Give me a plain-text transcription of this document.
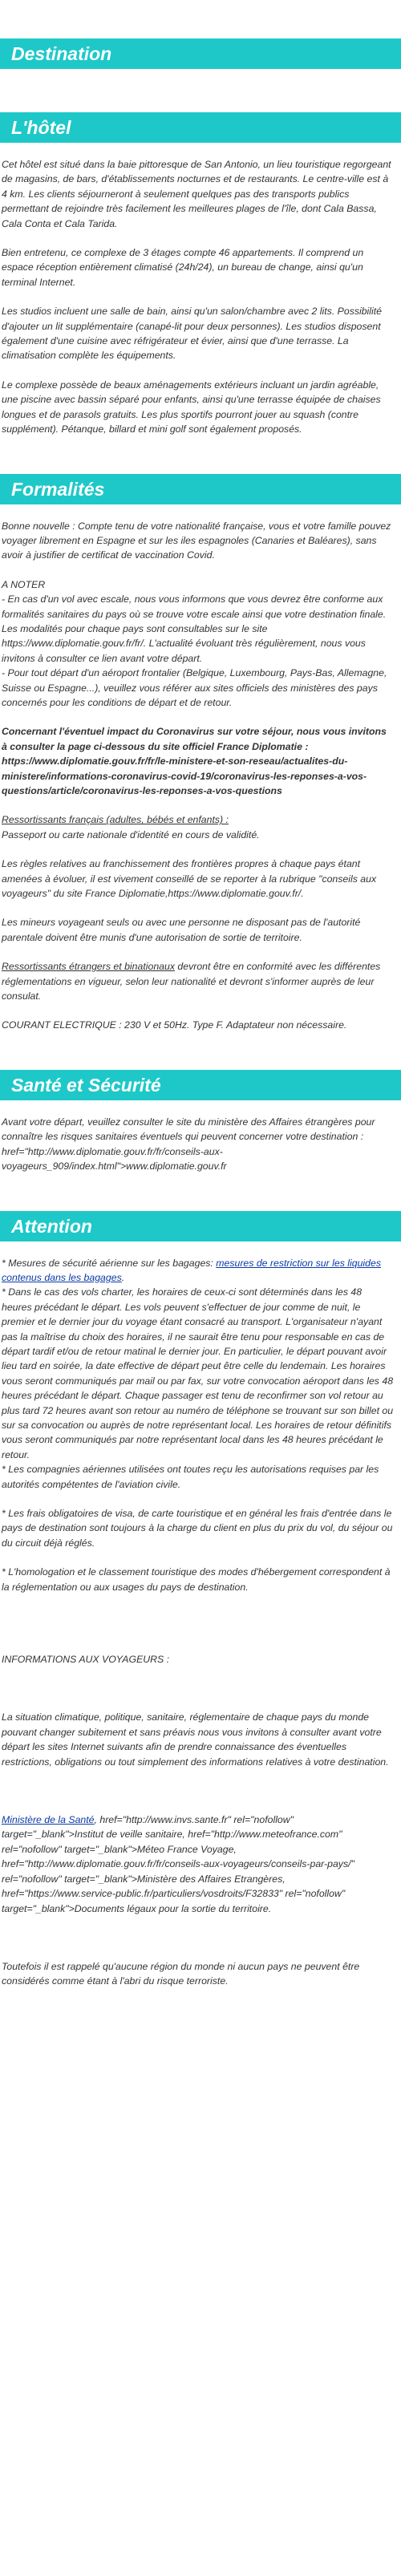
Destination
L'hôtel

Cet hôtel est situé dans la baie pittoresque de San Antonio, un lieu touristique regorgeant de magasins, de bars, d'établissements nocturnes et de restaurants. Le centre-ville est à 4 km. Les clients séjourneront à seulement quelques pas des transports publics permettant de rejoindre très facilement les meilleures plages de l'île, dont Cala Bassa, Cala Conta et Cala Tarida.

Bien entretenu, ce complexe de 3 étages compte 46 appartements. Il comprend un espace réception entièrement climatisé (24h/24), un bureau de change, ainsi qu'un terminal Internet.

Les studios incluent une salle de bain, ainsi qu'un salon/chambre avec 2 lits. Possibilité d'ajouter un lit supplémentaire (canapé-lit pour deux personnes). Les studios disposent également d'une cuisine avec réfrigérateur et évier, ainsi que d'une terrasse. La climatisation complète les équipements.

Le complexe possède de beaux aménagements extérieurs incluant un jardin agréable, une piscine avec bassin séparé pour enfants, ainsi qu'une terrasse équipée de chaises longues et de parasols gratuits. Les plus sportifs pourront jouer au squash (contre supplément). Pétanque, billard et mini golf sont également proposés.

Formalités

Bonne nouvelle : Compte tenu de votre nationalité française, vous et votre famille pouvez voyager librement en Espagne et sur les iles espagnoles (Canaries et Baléares), sans avoir à justifier de certificat de vaccination Covid.

A NOTER
- En cas d'un vol avec escale, nous vous informons que vous devrez être conforme aux formalités sanitaires du pays où se trouve votre escale ainsi que votre destination finale.
Les modalités pour chaque pays sont consultables sur le site https://www.diplomatie.gouv.fr/fr/. L'actualité évoluant très régulièrement, nous vous invitons à consulter ce lien avant votre départ.
- Pour tout départ d'un aéroport frontalier (Belgique, Luxembourg, Pays-Bas, Allemagne, Suisse ou Espagne...), veuillez vous référer aux sites officiels des ministères des pays concernés pour les conditions de départ et de retour.

Concernant l'éventuel impact du Coronavirus sur votre séjour, nous vous invitons à consulter la page ci-dessous du site officiel France Diplomatie : https://www.diplomatie.gouv.fr/fr/le-ministere-et-son-reseau/actualites-du-ministere/informations-coronavirus-covid-19/coronavirus-les-reponses-a-vos-questions/article/coronavirus-les-reponses-a-vos-questions

Ressortissants français (adultes, bébés et enfants) :
Passeport ou carte nationale d'identité en cours de validité.

Les règles relatives au franchissement des frontières propres à chaque pays étant amenées à évoluer, il est vivement conseillé de se reporter à la rubrique "conseils aux voyageurs" du site France Diplomatie,https://www.diplomatie.gouv.fr/.

Les mineurs voyageant seuls ou avec une personne ne disposant pas de l'autorité parentale doivent être munis d'une autorisation de sortie de territoire.

Ressortissants étrangers et binationaux devront être en conformité avec les différentes réglementations en vigueur, selon leur nationalité et devront s'informer auprès de leur consulat.

COURANT ELECTRIQUE : 230 V et 50Hz. Type F. Adaptateur non nécessaire.

Santé et Sécurité

Avant votre départ, veuillez consulter le site du ministère des Affaires étrangères pour connaître les risques sanitaires éventuels qui peuvent concerner votre destination : href="http://www.diplomatie.gouv.fr/fr/conseils-aux-voyageurs_909/index.html">www.diplomatie.gouv.fr

Attention

* Mesures de sécurité aérienne sur les bagages: mesures de restriction sur les liquides contenus dans les bagages.

* Dans le cas des vols charter, les horaires de ceux-ci sont déterminés dans les 48 heures précédant le départ. Les vols peuvent s'effectuer de jour comme de nuit, le premier et le dernier jour du voyage étant consacré au transport. L'organisateur n'ayant pas la maîtrise du choix des horaires, il ne saurait être tenu pour responsable en cas de départ tardif et/ou de retour matinal le dernier jour. En particulier, le départ pouvant avoir lieu tard en soirée, la date effective de départ peut être celle du lendemain. Les horaires vous seront communiqués par mail ou par fax, sur votre convocation aéroport dans les 48 heures précédant le départ. Chaque passager est tenu de reconfirmer son vol retour au plus tard 72 heures avant son retour au numéro de téléphone se trouvant sur son billet ou sur sa convocation ou auprès de notre représentant local. Les horaires de retour définitifs vous seront communiqués par notre représentant local dans les 48 heures précédant le retour.

* Les compagnies aériennes utilisées ont toutes reçu les autorisations requises par les autorités compétentes de l'aviation civile.

* Les frais obligatoires de visa, de carte touristique et en général les frais d'entrée dans le pays de destination sont toujours à la charge du client en plus du prix du vol, du séjour ou du circuit déjà réglés.

* L'homologation et le classement touristique des modes d'hébergement correspondent à la réglementation ou aux usages du pays de destination.

INFORMATIONS AUX VOYAGEURS :

La situation climatique, politique, sanitaire, réglementaire de chaque pays du monde pouvant changer subitement et sans préavis nous vous invitons à consulter avant votre départ les sites Internet suivants afin de prendre connaissance des éventuelles restrictions, obligations ou tout simplement des informations relatives à votre destination.

Ministère de la Santé, href="http://www.invs.sante.fr" rel="nofollow" target="_blank">Institut de veille sanitaire, href="http://www.meteofrance.com" rel="nofollow" target="_blank">Méteo France Voyage, href="http://www.diplomatie.gouv.fr/fr/conseils-aux-voyageurs/conseils-par-pays/" rel="nofollow" target="_blank">Ministère des Affaires Etrangères, href="https://www.service-public.fr/particuliers/vosdroits/F32833" rel="nofollow" target="_blank">Documents légaux pour la sortie du territoire.

Toutefois il est rappelé qu'aucune région du monde ni aucun pays ne peuvent être considérés comme étant à l'abri du risque terroriste.
